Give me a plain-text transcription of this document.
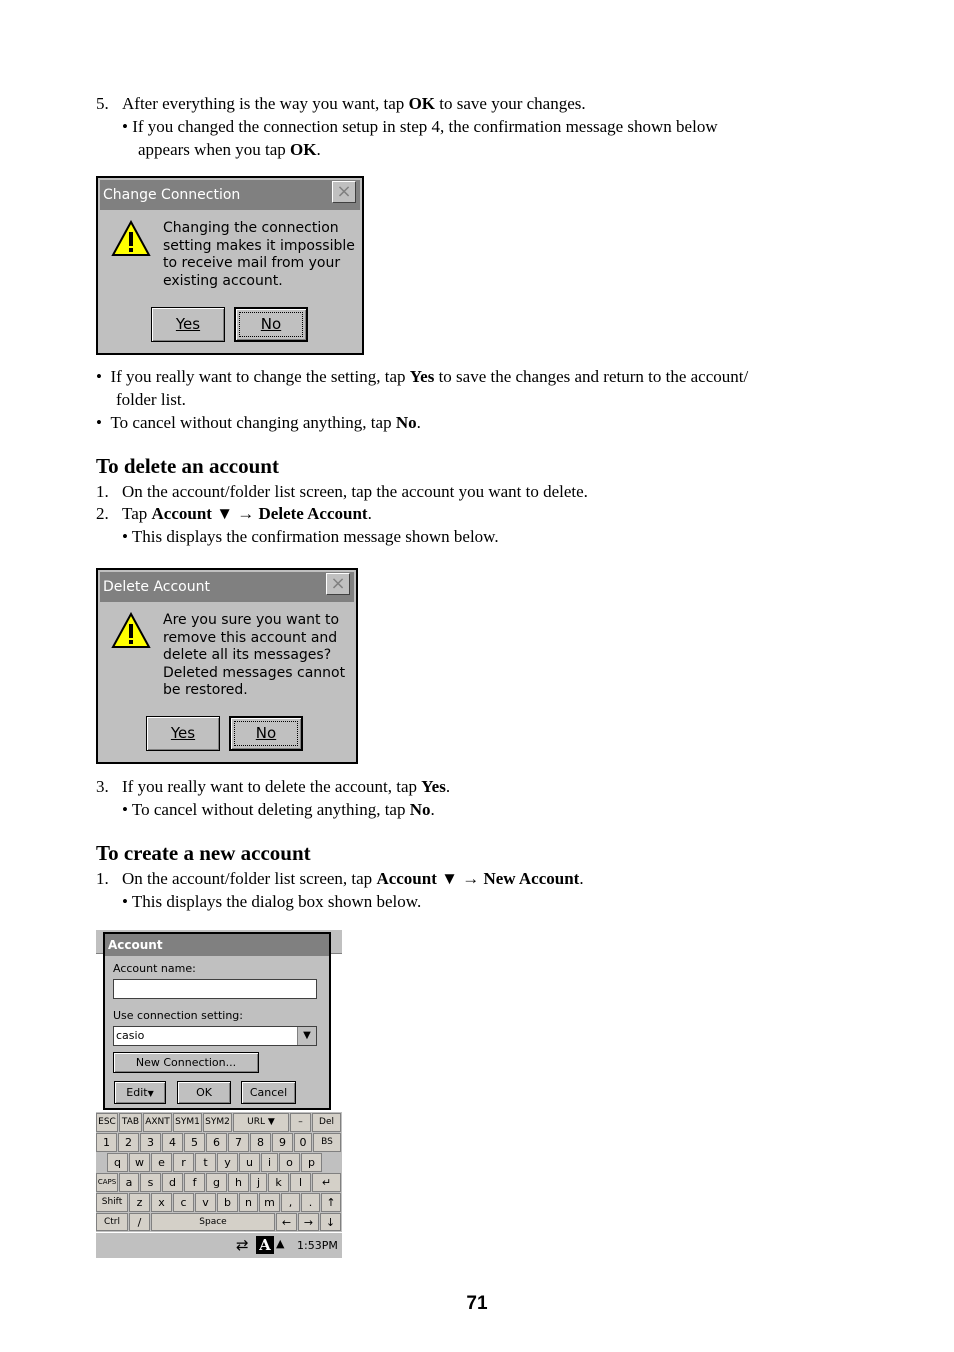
5. After everything is the way you want, tap OK to save your changes.
• If you changed the connection setup in step 4, the confirmation message shown below
appears when you tap OK.
Change Connection	×
Changing the connection
setting makes it impossible
to receive mail from your
existing account.
Yes	No
•  If you really want to change the setting, tap Yes to save the changes and return to the account/
folder list.
•  To cancel without changing anything, tap No.
To delete an account
1. On the account/folder list screen, tap the account you want to delete.
2. Tap Account ▼ → Delete Account.
• This displays the confirmation message shown below.
Delete Account	×
Are you sure you want to
remove this account and
delete all its messages?
Deleted messages cannot
be restored.
Yes	No
3. If you really want to delete the account, tap Yes.
• To cancel without deleting anything, tap No.
To create a new account
1. On the account/folder list screen, tap Account ▼ → New Account.
• This displays the dialog box shown below.
Account
Account name:
Use connection setting:
casio	▼
New Connection...
Edit▼	OK	Cancel
ESC TAB AXNT SYM1 SYM2	URL ▼	–	Del
1	2	3	4	5	6	7	8	9	0	BS
q	w	e	r	t	y	u	i	o	p
CAPS a	s	d	f	g	h	j	k	l	↵
Shift	z	x	c	v	b	n	m	,	.	↑
Ctrl	/	Space	←	→	↓
⇄ A ▲ 1:53PM
71
